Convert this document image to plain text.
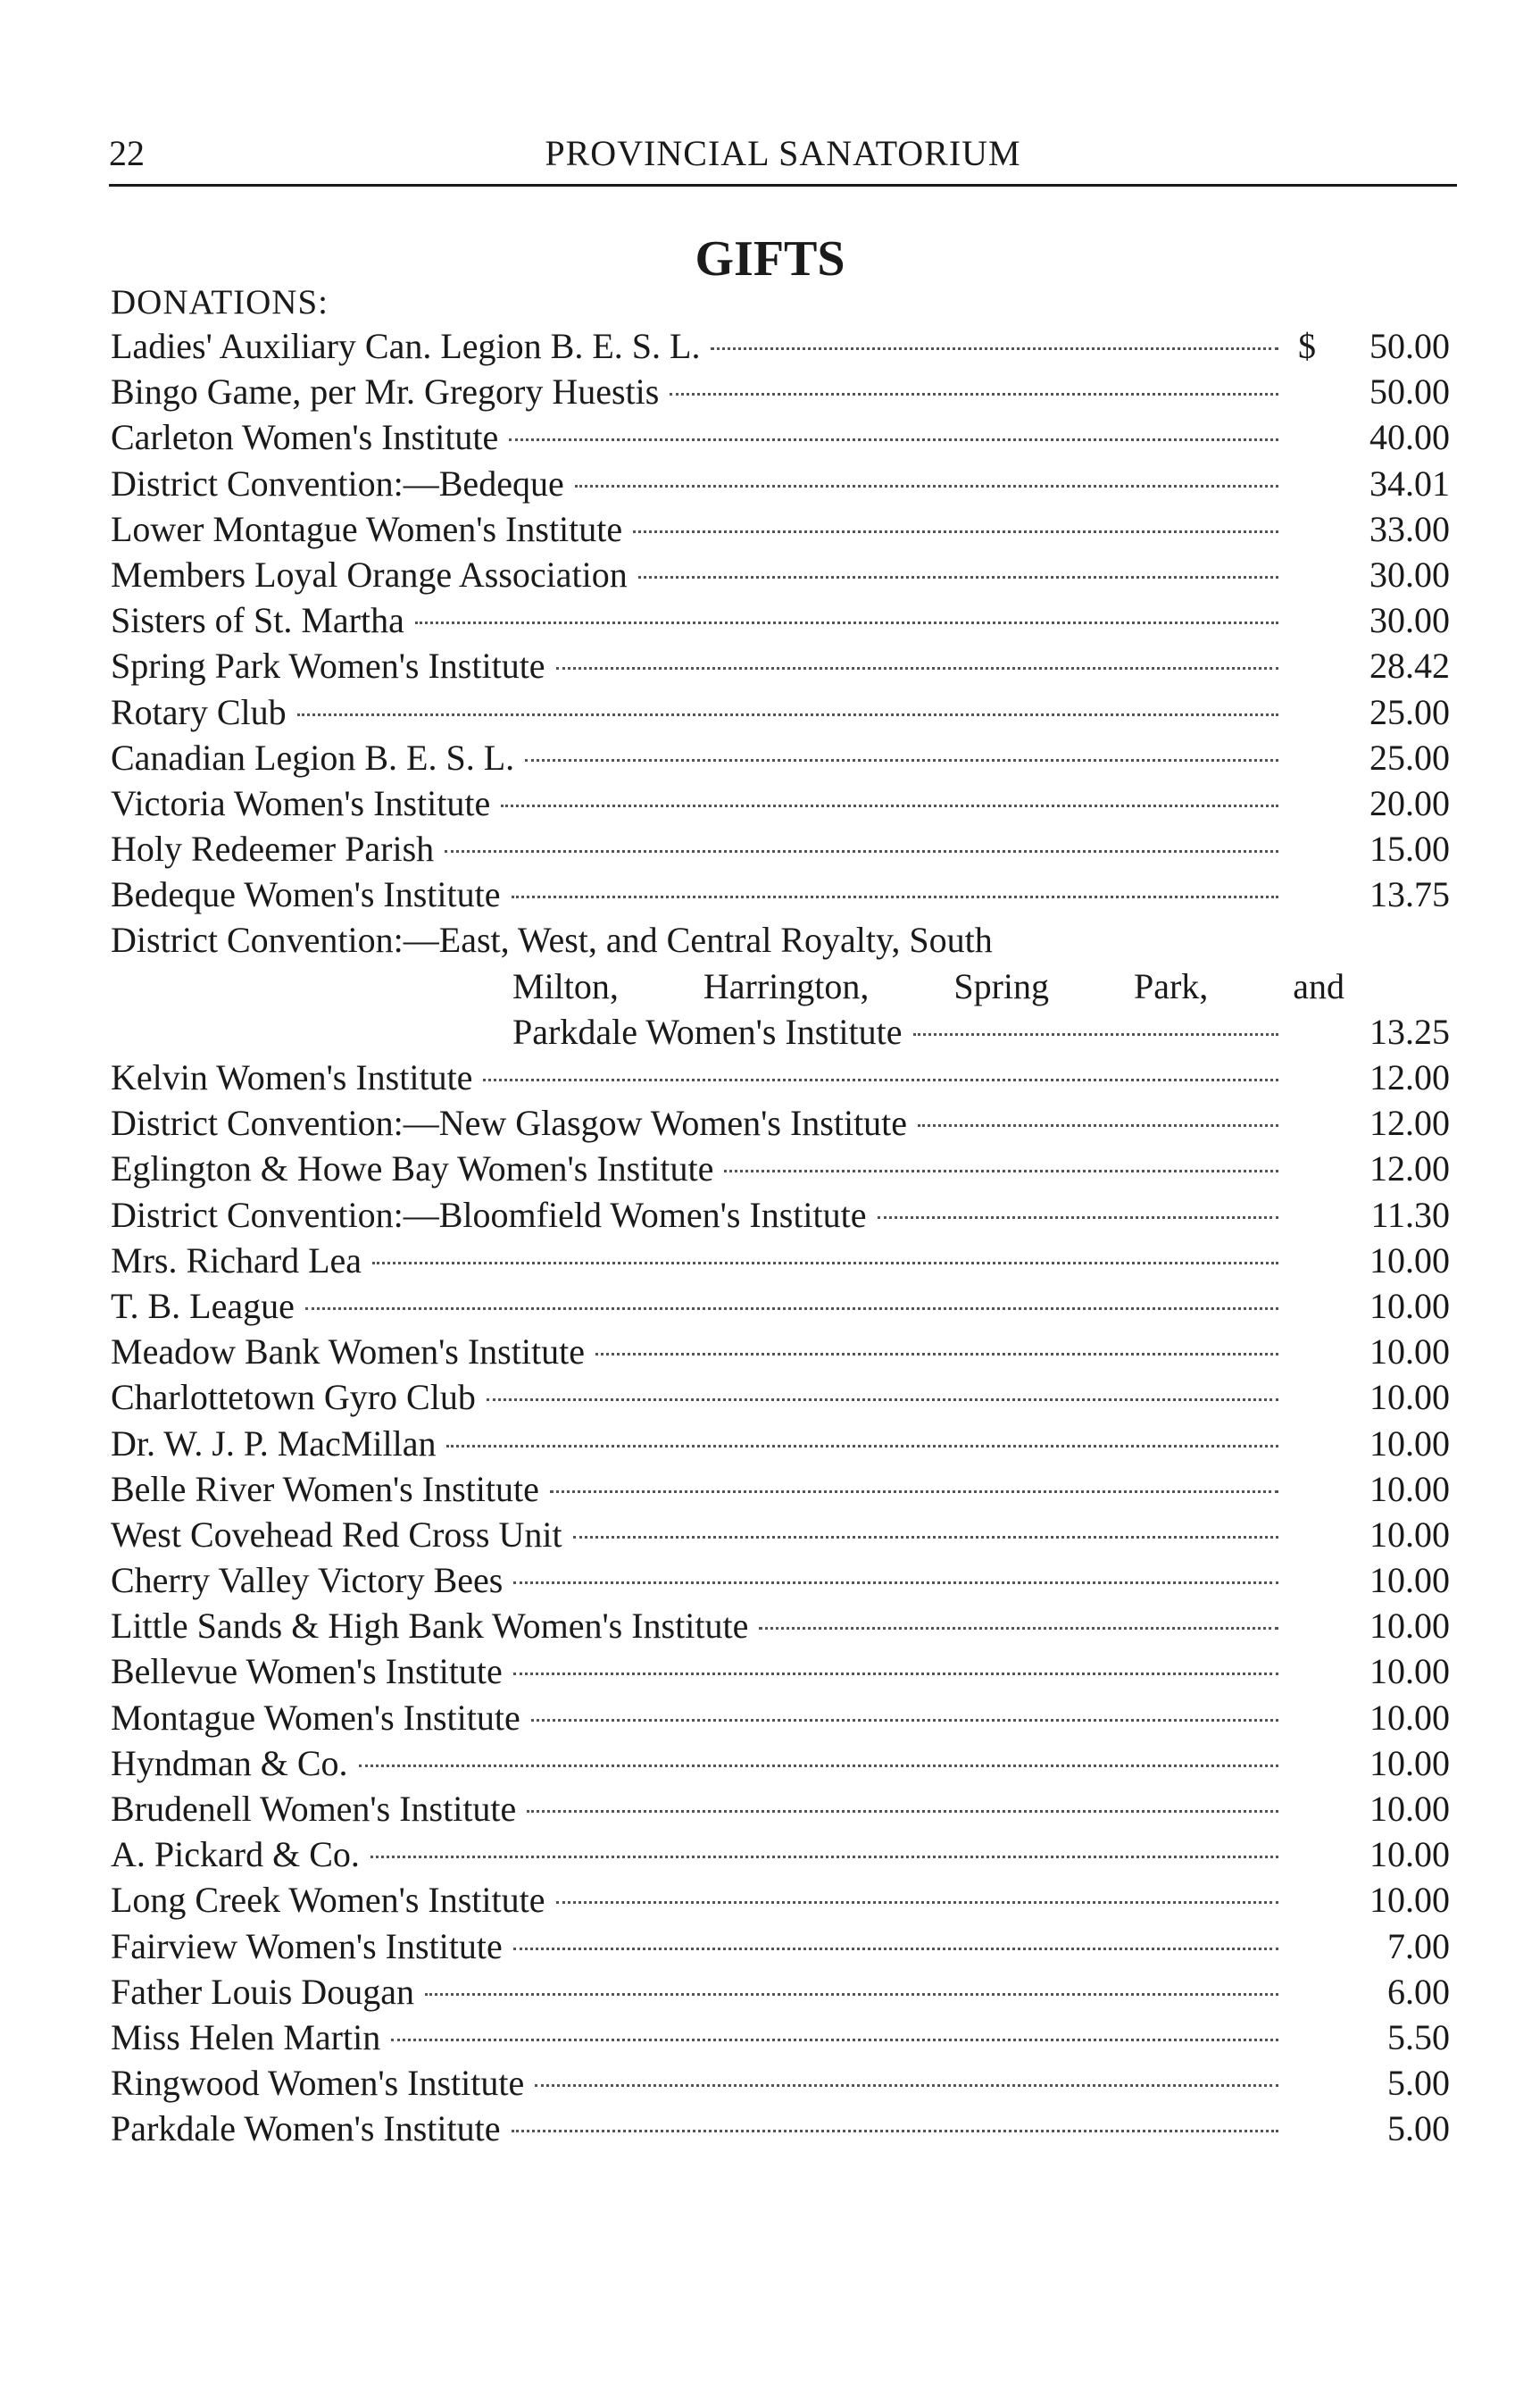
22	PROVINCIAL SANATORIUM
GIFTS
DONATIONS:
Ladies' Auxiliary Can. Legion B. E. S. L.	$	50.00
Bingo Game, per Mr. Gregory Huestis	50.00
Carleton Women's Institute	40.00
District Convention:—Bedeque	34.01
Lower Montague Women's Institute	33.00
Members Loyal Orange Association	30.00
Sisters of St. Martha	30.00
Spring Park Women's Institute	28.42
Rotary Club	25.00
Canadian Legion B. E. S. L.	25.00
Victoria Women's Institute	20.00
Holy Redeemer Parish	15.00
Bedeque Women's Institute	13.75
District Convention:—East, West, and Central Royalty, South
Milton, Harrington, Spring Park, and
Parkdale Women's Institute	13.25
Kelvin Women's Institute	12.00
District Convention:—New Glasgow Women's Institute	12.00
Eglington & Howe Bay Women's Institute	12.00
District Convention:—Bloomfield Women's Institute	11.30
Mrs. Richard Lea	10.00
T. B. League	10.00
Meadow Bank Women's Institute	10.00
Charlottetown Gyro Club	10.00
Dr. W. J. P. MacMillan	10.00
Belle River Women's Institute	10.00
West Covehead Red Cross Unit	10.00
Cherry Valley Victory Bees	10.00
Little Sands & High Bank Women's Institute	10.00
Bellevue Women's Institute	10.00
Montague Women's Institute	10.00
Hyndman & Co.	10.00
Brudenell Women's Institute	10.00
A. Pickard & Co.	10.00
Long Creek Women's Institute	10.00
Fairview Women's Institute	7.00
Father Louis Dougan	6.00
Miss Helen Martin	5.50
Ringwood Women's Institute	5.00
Parkdale Women's Institute	5.00
